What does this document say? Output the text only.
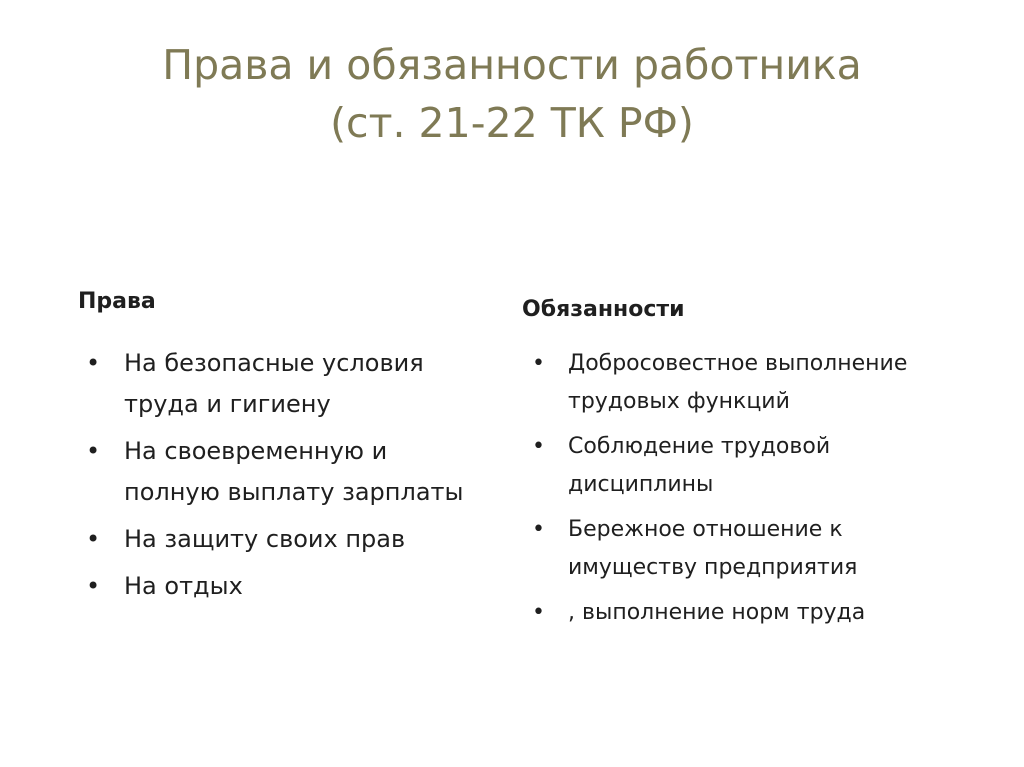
Права и обязанности работника
(ст. 21-22 ТК РФ)
Права
• На безопасные условия труда и гигиену
• На своевременную и полную выплату зарплаты
• На защиту своих прав
• На отдых
Обязанности
• Добросовестное выполнение трудовых функций
• Соблюдение трудовой дисциплины
• Бережное отношение к имуществу предприятия
• , выполнение норм труда
